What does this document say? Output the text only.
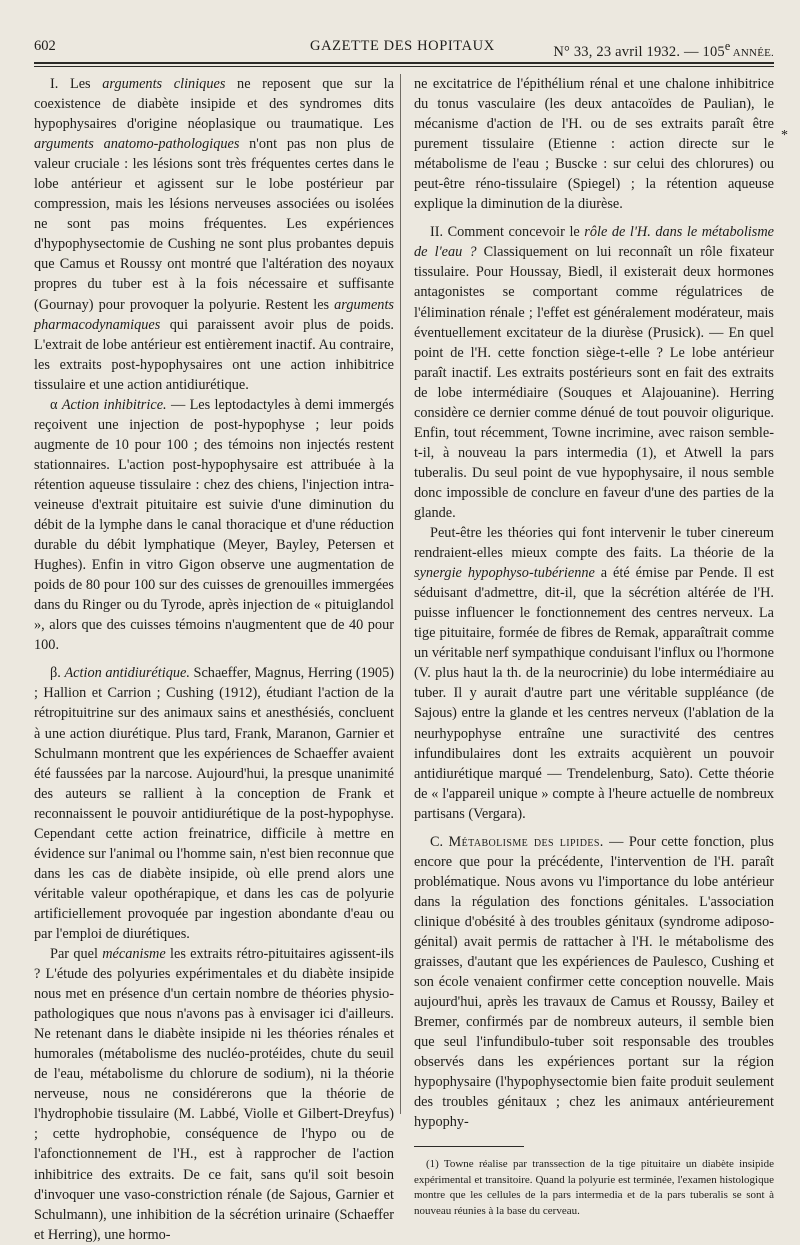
602	GAZETTE DES HOPITAUX	N° 33, 23 avril 1932. — 105e ANNÉE.

I. Les arguments cliniques ne reposent que sur la coexistence de diabète insipide et des syndromes dits hypophysaires d'origine néoplasique ou traumatique. Les arguments anatomo-pathologiques n'ont pas non plus de valeur cruciale : les lésions sont très fréquentes certes dans le lobe antérieur et agissent sur le lobe postérieur par compression, mais les lésions nerveuses associées ou isolées ne sont pas moins fréquentes. Les expériences d'hypophysectomie de Cushing ne sont plus probantes depuis que Camus et Roussy ont montré que l'altération des noyaux propres du tuber est à la fois nécessaire et suffisante (Gournay) pour provoquer la polyurie. Restent les arguments pharmacodynamiques qui paraissent avoir plus de poids. L'extrait de lobe antérieur est entièrement inactif. Au contraire, les extraits post-hypophysaires ont une action inhibitrice tissulaire et une action antidiurétique.

α Action inhibitrice. — Les leptodactyles à demi immergés reçoivent une injection de post-hypophyse ; leur poids augmente de 10 pour 100 ; des témoins non injectés restent stationnaires. L'action post-hypophysaire est attribuée à la rétention aqueuse tissulaire : chez des chiens, l'injection intra-veineuse d'extrait pituitaire est suivie d'une diminution du débit de la lymphe dans le canal thoracique et d'une réduction durable du débit lymphatique (Meyer, Bayley, Petersen et Hughes). Enfin in vitro Gigon observe une augmentation de poids de 80 pour 100 sur des cuisses de grenouilles immergées dans du Ringer ou du Tyrode, après injection de « pituiglandol », alors que des cuisses témoins n'augmentent que de 40 pour 100.

β. Action antidiurétique. Schaeffer, Magnus, Herring (1905) ; Hallion et Carrion ; Cushing (1912), étudiant l'action de la rétropituitrine sur des animaux sains et anesthésiés, concluent à une action diurétique. Plus tard, Frank, Maranon, Garnier et Schulmann montrent que les expériences de Schaeffer avaient été faussées par la narcose. Aujourd'hui, la presque unanimité des auteurs se rallient à la conception de Frank et reconnaissent le pouvoir antidiurétique de la post-hypophyse. Cependant cette action freinatrice, difficile à mettre en évidence sur l'animal ou l'homme sain, n'est bien reconnue que dans les cas de diabète insipide, où elle prend alors une véritable valeur opothérapique, et dans les cas de polyurie artificiellement provoquée par ingestion abondante d'eau ou par l'emploi de diurétiques.

Par quel mécanisme les extraits rétro-pituitaires agissent-ils ? L'étude des polyuries expérimentales et du diabète insipide nous met en présence d'un certain nombre de théories physio-pathologiques que nous n'avons pas à envisager ici d'ailleurs. Ne retenant dans le diabète insipide ni les théories rénales et humorales (métabolisme des nucléo-protéides, chute du seuil de l'eau, métabolisme du chlorure de sodium), ni la théorie nerveuse, nous ne considérerons que la théorie de l'hydrophobie tissulaire (M. Labbé, Violle et Gilbert-Dreyfus) ; cette hydrophobie, conséquence de l'hypo ou de l'afonctionnement de l'H., est à rapprocher de l'action inhibitrice des extraits. De ce fait, sans qu'il soit besoin d'invoquer une vaso-constriction rénale (de Sajous, Garnier et Schulmann), une inhibition de la sécrétion urinaire (Schaeffer et Herring), une hormo-

ne excitatrice de l'épithélium rénal et une chalone inhibitrice du tonus vasculaire (les deux antacoïdes de Paulian), le mécanisme d'action de l'H. ou de ses extraits paraît être purement tissulaire (Etienne : action directe sur le métabolisme de l'eau ; Buscke : sur celui des chlorures) ou peut-être réno-tissulaire (Spiegel) ; la rétention aqueuse explique la diminution de la diurèse.

II. Comment concevoir le rôle de l'H. dans le métabolisme de l'eau ? Classiquement on lui reconnaît un rôle fixateur tissulaire. Pour Houssay, Biedl, il existerait deux hormones antagonistes se comportant comme régulatrices de l'élimination rénale ; l'effet est généralement modérateur, mais éventuellement excitateur de la diurèse (Prusick). — En quel point de l'H. cette fonction siège-t-elle ? Le lobe antérieur paraît inactif. Les extraits postérieurs sont en fait des extraits de lobe intermédiaire (Souques et Alajouanine). Herring considère ce dernier comme dénué de tout pouvoir oligurique. Enfin, tout récemment, Towne incrimine, avec raison semble-t-il, à nouveau la pars intermedia (1), et Atwell la pars tuberalis. Du seul point de vue hypophysaire, il nous semble donc impossible de conclure en faveur d'une des parties de la glande.

Peut-être les théories qui font intervenir le tuber cinereum rendraient-elles mieux compte des faits. La théorie de la synergie hypophyso-tubérienne a été émise par Pende. Il est séduisant d'admettre, dit-il, que la sécrétion altérée de l'H. puisse influencer le fonctionnement des centres nerveux. La tige pituitaire, formée de fibres de Remak, apparaîtrait comme un véritable nerf sympathique conduisant l'influx ou l'hormone (V. plus haut la th. de la neurocrinie) du lobe intermédiaire au tuber. Il y aurait d'autre part une véritable suppléance (de Sajous) entre la glande et les centres nerveux (l'ablation de la neurhypophyse entraîne une suractivité des centres infundibulaires dont les extraits acquièrent un pouvoir antidiurétique marqué — Trendelenburg, Sato). Cette théorie de « l'appareil unique » compte à l'heure actuelle de nombreux partisans (Vergara).

C. Métabolisme des lipides. — Pour cette fonction, plus encore que pour la précédente, l'intervention de l'H. paraît problématique. Nous avons vu l'importance du lobe antérieur dans la régulation des fonctions génitales. L'association clinique d'obésité à des troubles génitaux (syndrome adiposo-génital) avait permis de rattacher à l'H. le métabolisme des graisses, d'autant que les expériences de Paulesco, Cushing et son école venaient confirmer cette conception nouvelle. Mais aujourd'hui, après les travaux de Camus et Roussy, Bailey et Bremer, confirmés par de nombreux auteurs, il semble bien que seul l'infundibulo-tuber soit responsable des troubles observés dans les expériences portant sur la région hypophysaire (l'hypophysectomie bien faite produit seulement des troubles génitaux ; chez les animaux antérieurement hypophy-

(1) Towne réalise par transsection de la tige pituitaire un diabète insipide expérimental et transitoire. Quand la polyurie est terminée, l'examen histologique montre que les cellules de la pars intermedia et de la pars tuberalis se sont à nouveau réunies à la base du cerveau.

*
